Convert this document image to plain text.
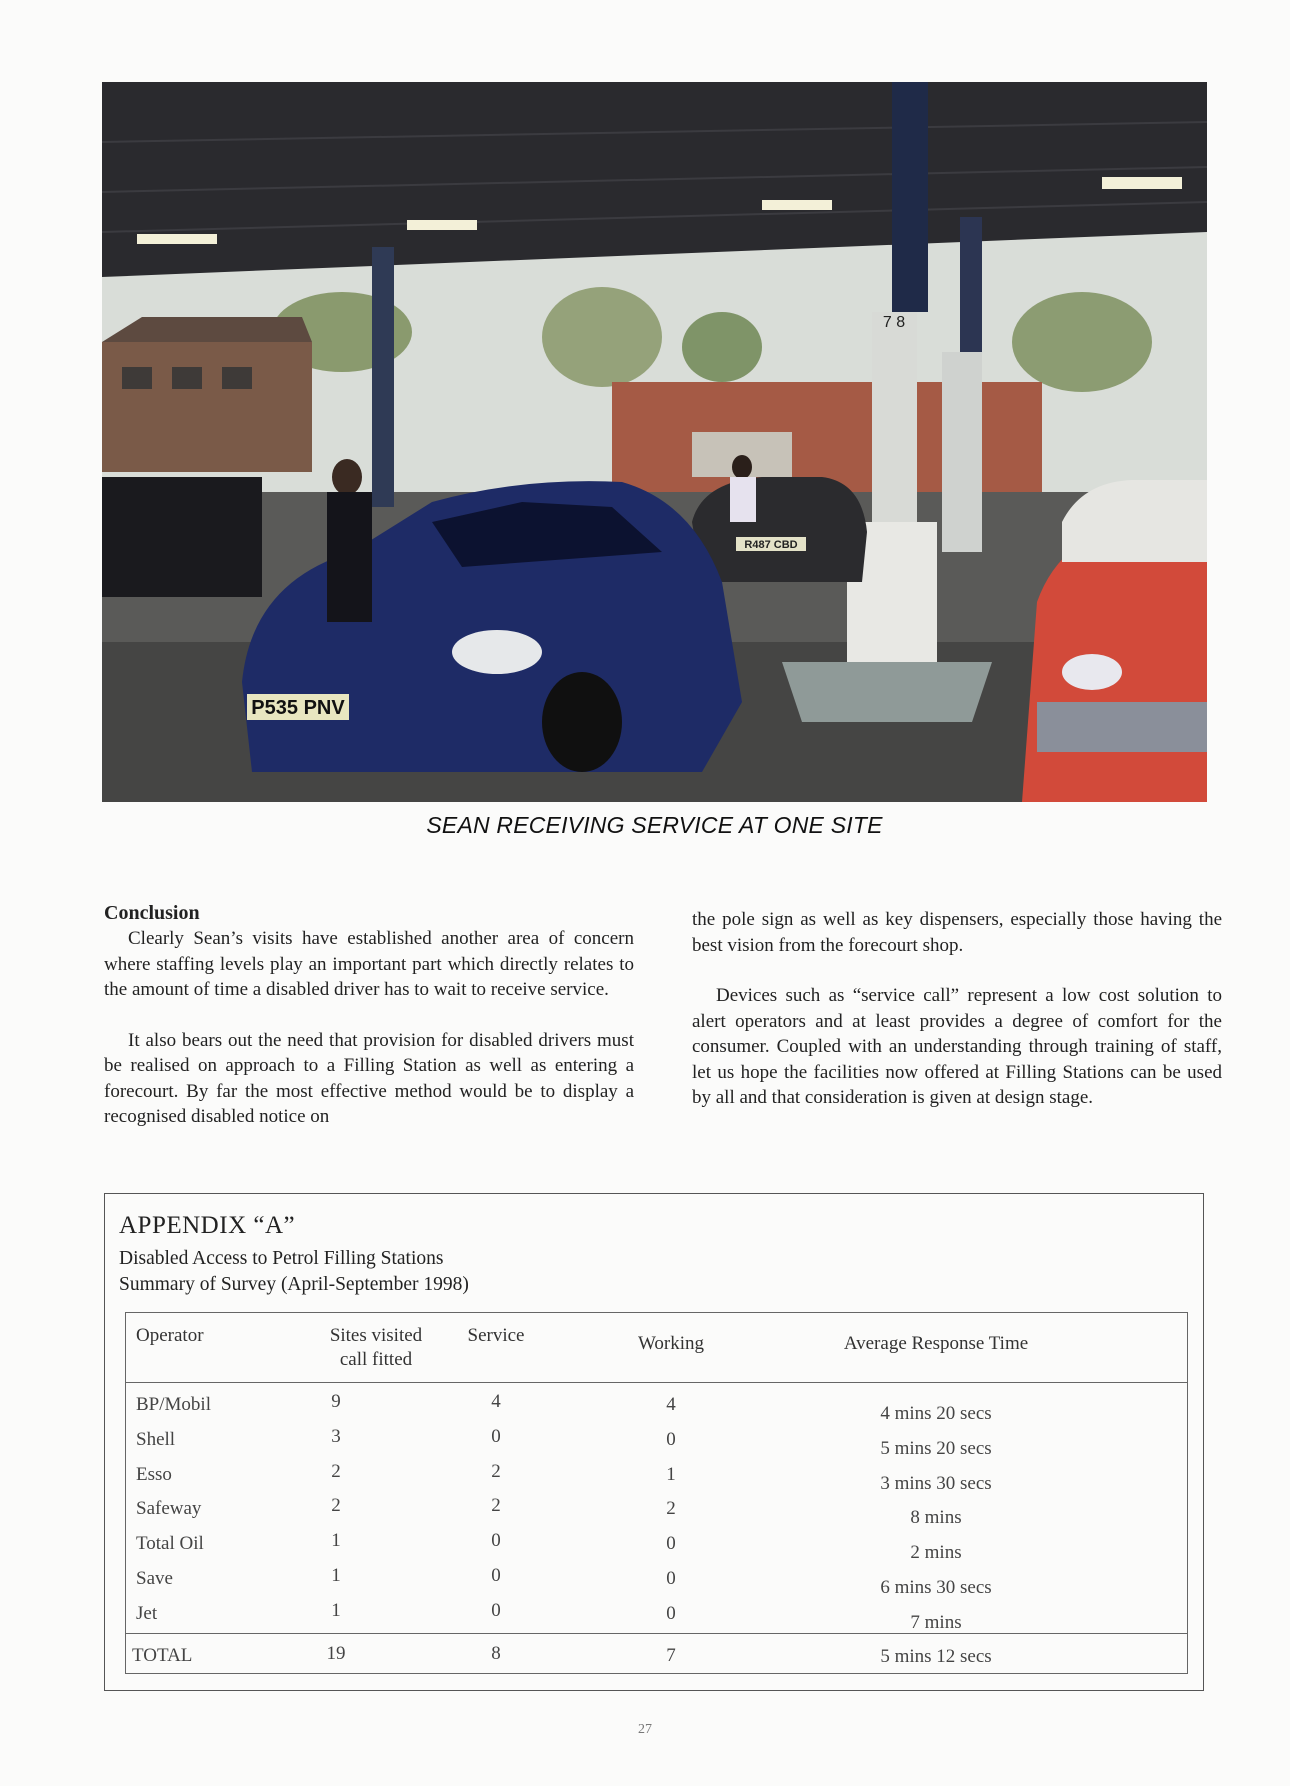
P535 PNV
R487 CBD
7 8
SEAN RECEIVING SERVICE AT ONE SITE
Conclusion

Clearly Sean’s visits have established another area of concern where staffing levels play an important part which directly relates to the amount of time a disabled driver has to wait to receive service.

It also bears out the need that provision for disabled drivers must be realised on approach to a Filling Station as well as entering a forecourt. By far the most effective method would be to display a recognised disabled notice on

the pole sign as well as key dispensers, especially those having the best vision from the forecourt shop.

Devices such as “service call” represent a low cost solution to alert operators and at least provides a degree of comfort for the consumer. Coupled with an understanding through training of staff, let us hope the facilities now offered at Filling Stations can be used by all and that consideration is given at design stage.

APPENDIX “A”
Disabled Access to Petrol Filling Stations
Summary of Survey (April-September 1998)
Operator	Sites visited
call fitted
Service	Working	Average Response Time
BP/Mobil	9	4	4	4 mins 20 secs
Shell	3	0	0	5 mins 20 secs
Esso	2	2	1	3 mins 30 secs
Safeway	2	2	2	8 mins
Total Oil	1	0	0	2 mins
Save	1	0	0	6 mins 30 secs
Jet	1	0	0	7 mins
TOTAL	19	8	7	5 mins 12 secs
27
